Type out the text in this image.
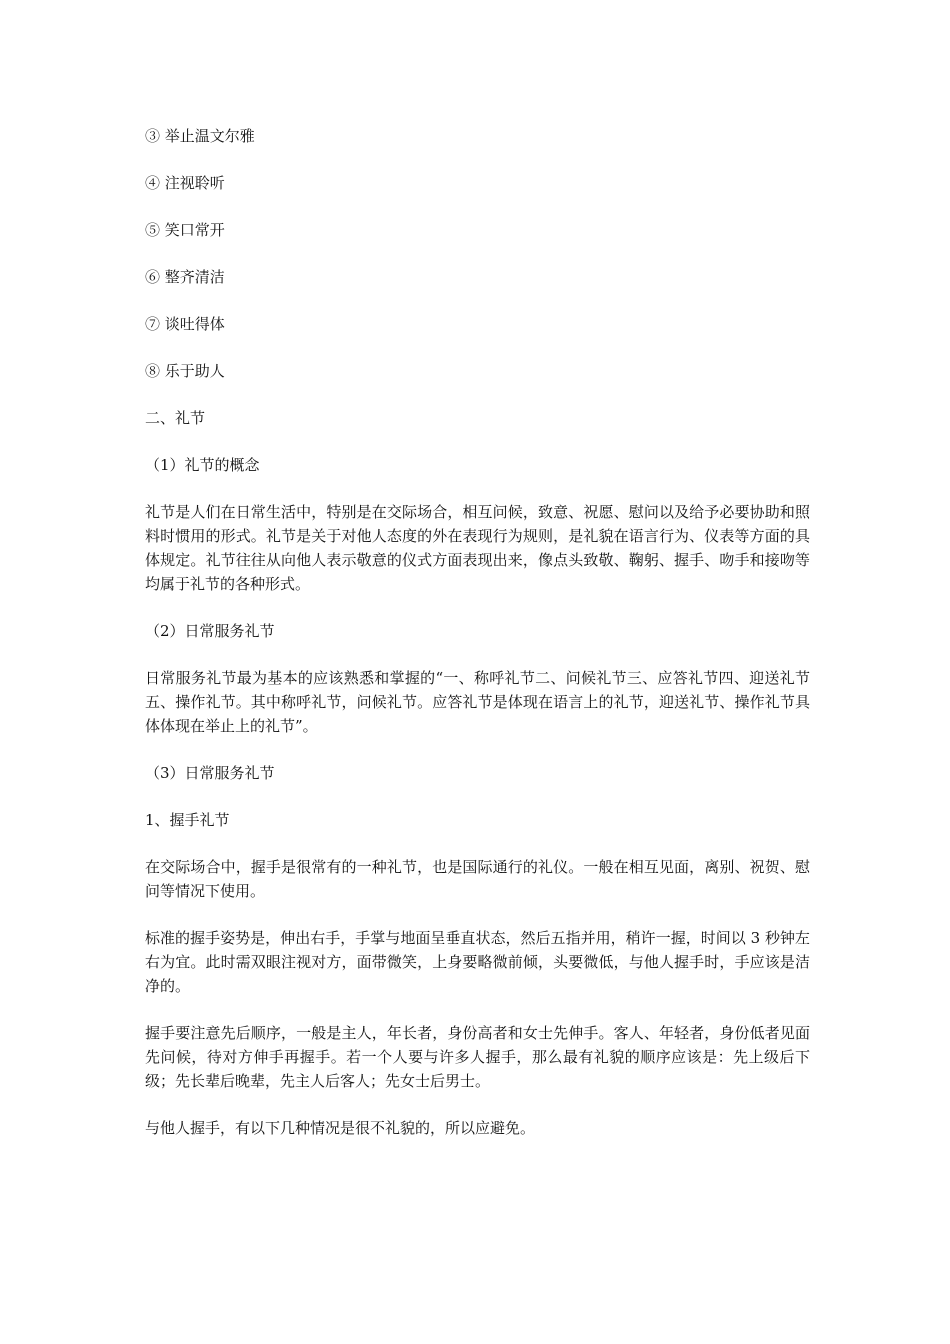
③ 举止温文尔雅

④ 注视聆听

⑤ 笑口常开

⑥ 整齐清洁

⑦ 谈吐得体

⑧ 乐于助人

二、礼节

（1）礼节的概念

礼节是人们在日常生活中，特别是在交际场合，相互问候，致意、祝愿、慰问以及给予必要协助和照料时惯用的形式。礼节是关于对他人态度的外在表现行为规则，是礼貌在语言行为、仪表等方面的具体规定。礼节往往从向他人表示敬意的仪式方面表现出来，像点头致敬、鞠躬、握手、吻手和接吻等均属于礼节的各种形式。

（2）日常服务礼节

日常服务礼节最为基本的应该熟悉和掌握的“一、称呼礼节二、问候礼节三、应答礼节四、迎送礼节五、操作礼节。其中称呼礼节，问候礼节。应答礼节是体现在语言上的礼节，迎送礼节、操作礼节具体体现在举止上的礼节”。

（3）日常服务礼节

1、握手礼节

在交际场合中，握手是很常有的一种礼节，也是国际通行的礼仪。一般在相互见面，离别、祝贺、慰问等情况下使用。

标准的握手姿势是，伸出右手，手掌与地面呈垂直状态，然后五指并用，稍许一握，时间以 3 秒钟左右为宜。此时需双眼注视对方，面带微笑，上身要略微前倾，头要微低，与他人握手时，手应该是洁净的。

握手要注意先后顺序，一般是主人，年长者，身份高者和女士先伸手。客人、年轻者，身份低者见面先问候，待对方伸手再握手。若一个人要与许多人握手，那么最有礼貌的顺序应该是：先上级后下级；先长辈后晚辈，先主人后客人；先女士后男士。

与他人握手，有以下几种情况是很不礼貌的，所以应避免。
